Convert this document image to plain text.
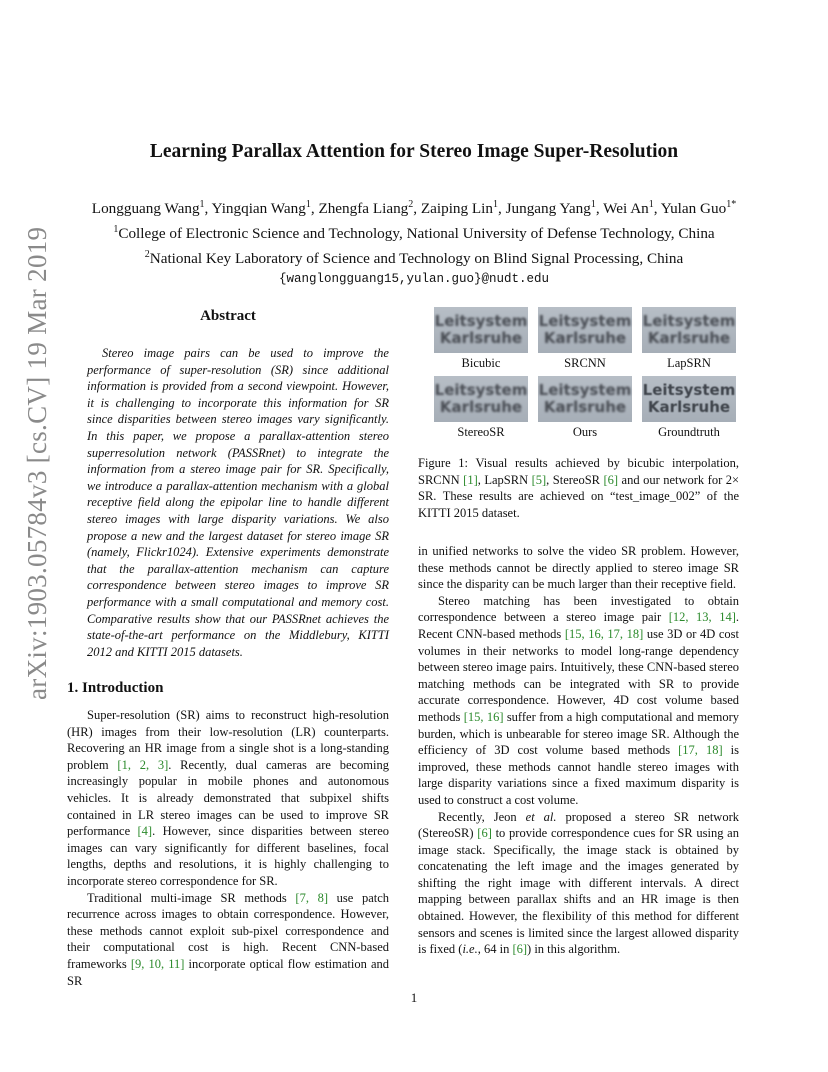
arXiv:1903.05784v3 [cs.CV] 19 Mar 2019
Learning Parallax Attention for Stereo Image Super-Resolution
Longguang Wang$^1$, Yingqian Wang$^1$, Zhengfa Liang$^2$, Zaiping Lin$^1$, Jungang Yang$^1$, Wei An$^1$, Yulan Guo$^{1*}$
$^1$College of Electronic Science and Technology, National University of Defense Technology, China
$^2$National Key Laboratory of Science and Technology on Blind Signal Processing, China
{wanglongguang15,yulan.guo}@nudt.edu
Abstract

Stereo image pairs can be used to improve the performance of super-resolution (SR) since additional information is provided from a second viewpoint. However, it is challenging to incorporate this information for SR since disparities between stereo images vary significantly. In this paper, we propose a parallax-attention stereo superresolution network (PASSRnet) to integrate the information from a stereo image pair for SR. Specifically, we introduce a parallax-attention mechanism with a global receptive field along the epipolar line to handle different stereo images with large disparity variations. We also propose a new and the largest dataset for stereo image SR (namely, Flickr1024). Extensive experiments demonstrate that the parallax-attention mechanism can capture correspondence between stereo images to improve SR performance with a small computational and memory cost. Comparative results show that our PASSRnet achieves the state-of-the-art performance on the Middlebury, KITTI 2012 and KITTI 2015 datasets.

1. Introduction

Super-resolution (SR) aims to reconstruct high-resolution (HR) images from their low-resolution (LR) counterparts. Recovering an HR image from a single shot is a long-standing problem [1, 2, 3]. Recently, dual cameras are becoming increasingly popular in mobile phones and autonomous vehicles. It is already demonstrated that subpixel shifts contained in LR stereo images can be used to improve SR performance [4]. However, since disparities between stereo images can vary significantly for different baselines, focal lengths, depths and resolutions, it is highly challenging to incorporate stereo correspondence for SR.

Traditional multi-image SR methods [7, 8] use patch recurrence across images to obtain correspondence. However, these methods cannot exploit sub-pixel correspondence and their computational cost is high. Recent CNN-based frameworks [9, 10, 11] incorporate optical flow estimation and SR

Leitsystem
Karlsruhe
Bicubic
Leitsystem
Karlsruhe
SRCNN
Leitsystem
Karlsruhe
LapSRN
Leitsystem
Karlsruhe
StereoSR
Leitsystem
Karlsruhe
Ours
Leitsystem
Karlsruhe
Groundtruth
Figure 1: Visual results achieved by bicubic interpolation, SRCNN [1], LapSRN [5], StereoSR [6] and our network for 2× SR. These results are achieved on “test_image_002” of the KITTI 2015 dataset.

in unified networks to solve the video SR problem. However, these methods cannot be directly applied to stereo image SR since the disparity can be much larger than their receptive field.

Stereo matching has been investigated to obtain correspondence between a stereo image pair [12, 13, 14]. Recent CNN-based methods [15, 16, 17, 18] use 3D or 4D cost volumes in their networks to model long-range dependency between stereo image pairs. Intuitively, these CNN-based stereo matching methods can be integrated with SR to provide accurate correspondence. However, 4D cost volume based methods [15, 16] suffer from a high computational and memory burden, which is unbearable for stereo image SR. Although the efficiency of 3D cost volume based methods [17, 18] is improved, these methods cannot handle stereo images with large disparity variations since a fixed maximum disparity is used to construct a cost volume.

Recently, Jeon et al. proposed a stereo SR network (StereoSR) [6] to provide correspondence cues for SR using an image stack. Specifically, the image stack is obtained by concatenating the left image and the images generated by shifting the right image with different intervals. A direct mapping between parallax shifts and an HR image is then obtained. However, the flexibility of this method for different sensors and scenes is limited since the largest allowed disparity is fixed (i.e., 64 in [6]) in this algorithm.

1
